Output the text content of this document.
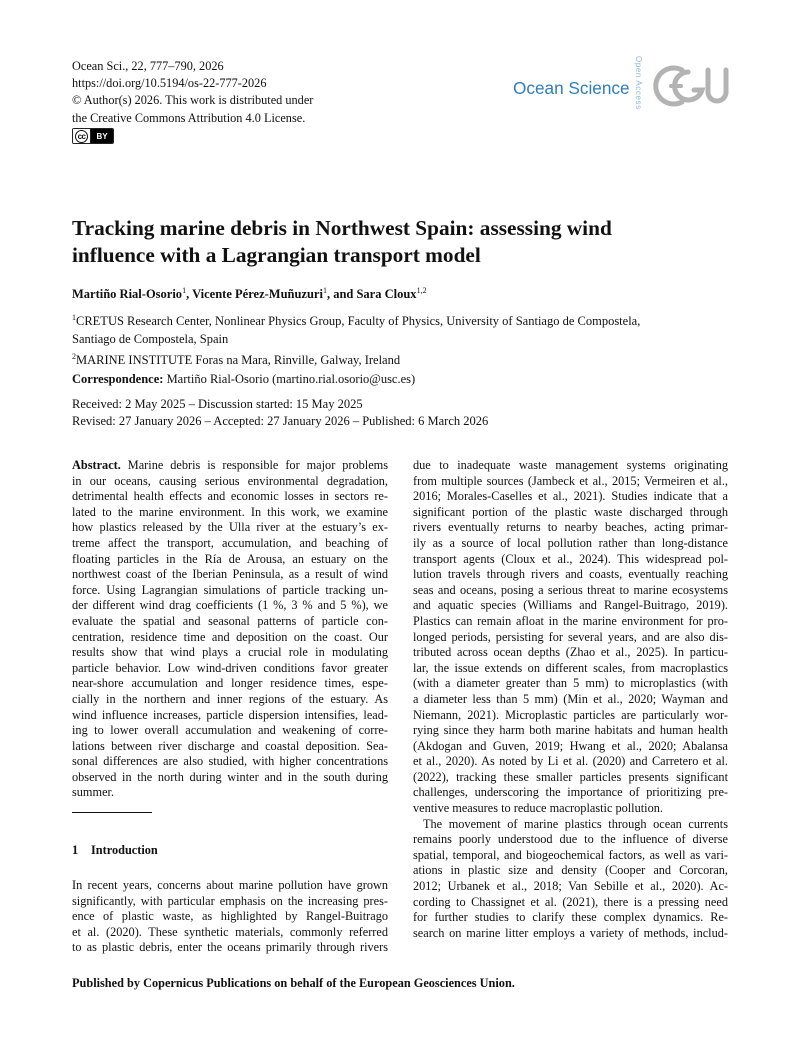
Ocean Sci., 22, 777–790, 2026
https://doi.org/10.5194/os-22-777-2026
© Author(s) 2026. This work is distributed under
the Creative Commons Attribution 4.0 License.
cc	BY
Ocean Science Open Access
Tracking marine debris in Northwest Spain: assessing wind
influence with a Lagrangian transport model
Martiño Rial-Osorio$^1$, Vicente Pérez-Muñuzuri$^1$, and Sara Cloux$^{1,2}$
$^1$CRETUS Research Center, Nonlinear Physics Group, Faculty of Physics, University of Santiago de Compostela,
Santiago de Compostela, Spain
$^2$MARINE INSTITUTE Foras na Mara, Rinville, Galway, Ireland
Correspondence: Martiño Rial-Osorio (martino.rial.osorio@usc.es)
Received: 2 May 2025 – Discussion started: 15 May 2025
Revised: 27 January 2026 – Accepted: 27 January 2026 – Published: 6 March 2026
Abstract. Marine debris is responsible for major problems
in our oceans, causing serious environmental degradation,
detrimental health effects and economic losses in sectors re-
lated to the marine environment. In this work, we examine
how plastics released by the Ulla river at the estuary’s ex-
treme affect the transport, accumulation, and beaching of
floating particles in the Ría de Arousa, an estuary on the
northwest coast of the Iberian Peninsula, as a result of wind
force. Using Lagrangian simulations of particle tracking un-
der different wind drag coefficients (1 %, 3 % and 5 %), we
evaluate the spatial and seasonal patterns of particle con-
centration, residence time and deposition on the coast. Our
results show that wind plays a crucial role in modulating
particle behavior. Low wind-driven conditions favor greater
near-shore accumulation and longer residence times, espe-
cially in the northern and inner regions of the estuary. As
wind influence increases, particle dispersion intensifies, lead-
ing to lower overall accumulation and weakening of corre-
lations between river discharge and coastal deposition. Sea-
sonal differences are also studied, with higher concentrations
observed in the north during winter and in the south during
summer.
1 Introduction
In recent years, concerns about marine pollution have grown
significantly, with particular emphasis on the increasing pres-
ence of plastic waste, as highlighted by Rangel-Buitrago
et al. (2020). These synthetic materials, commonly referred
to as plastic debris, enter the oceans primarily through rivers
due to inadequate waste management systems originating
from multiple sources (Jambeck et al., 2015; Vermeiren et al.,
2016; Morales-Caselles et al., 2021). Studies indicate that a
significant portion of the plastic waste discharged through
rivers eventually returns to nearby beaches, acting primar-
ily as a source of local pollution rather than long-distance
transport agents (Cloux et al., 2024). This widespread pol-
lution travels through rivers and coasts, eventually reaching
seas and oceans, posing a serious threat to marine ecosystems
and aquatic species (Williams and Rangel-Buitrago, 2019).
Plastics can remain afloat in the marine environment for pro-
longed periods, persisting for several years, and are also dis-
tributed across ocean depths (Zhao et al., 2025). In particu-
lar, the issue extends on different scales, from macroplastics
(with a diameter greater than 5 mm) to microplastics (with
a diameter less than 5 mm) (Min et al., 2020; Wayman and
Niemann, 2021). Microplastic particles are particularly wor-
rying since they harm both marine habitats and human health
(Akdogan and Guven, 2019; Hwang et al., 2020; Abalansa
et al., 2020). As noted by Li et al. (2020) and Carretero et al.
(2022), tracking these smaller particles presents significant
challenges, underscoring the importance of prioritizing pre-
ventive measures to reduce macroplastic pollution.
The movement of marine plastics through ocean currents
remains poorly understood due to the influence of diverse
spatial, temporal, and biogeochemical factors, as well as vari-
ations in plastic size and density (Cooper and Corcoran,
2012; Urbanek et al., 2018; Van Sebille et al., 2020). Ac-
cording to Chassignet et al. (2021), there is a pressing need
for further studies to clarify these complex dynamics. Re-
search on marine litter employs a variety of methods, includ-
Published by Copernicus Publications on behalf of the European Geosciences Union.
